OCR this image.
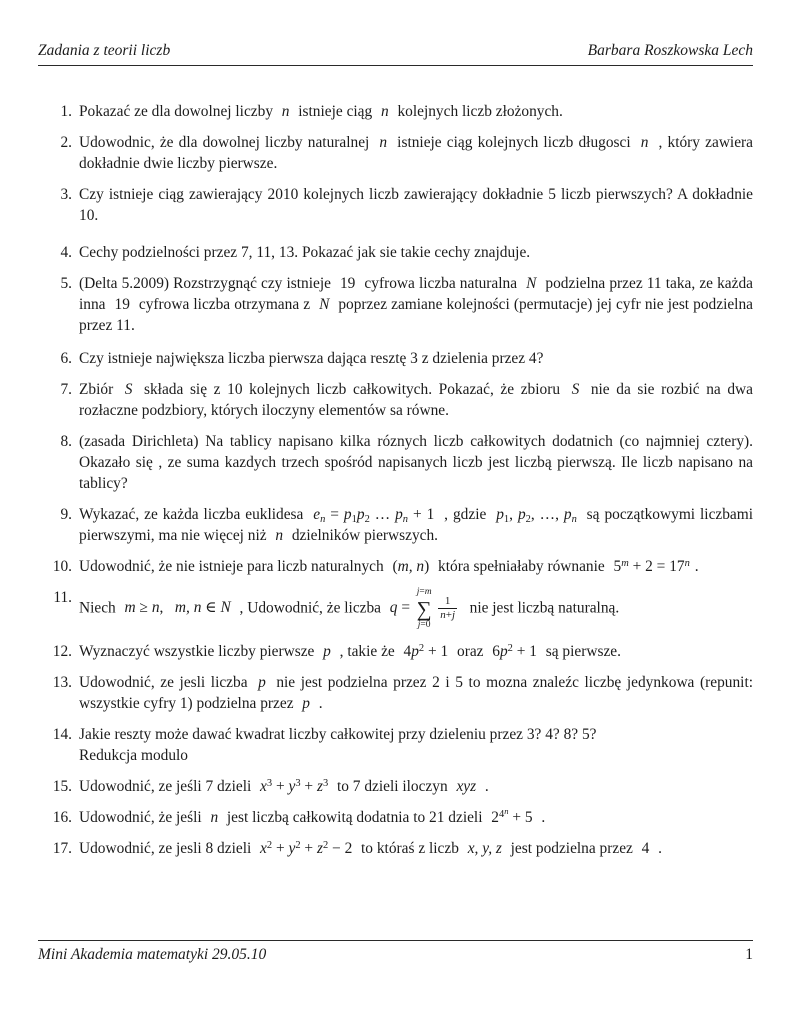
Zadania z teorii liczb	Barbara Roszkowska Lech
1. Pokazać ze dla dowolnej liczby n istnieje ciąg n kolejnych liczb złożonych.
2. Udowodnic, że dla dowolnej liczby naturalnej n istnieje ciąg kolejnych liczb długosci n , który zawiera dokładnie dwie liczby pierwsze.
3. Czy istnieje ciąg zawierający 2010 kolejnych liczb zawierający dokładnie 5 liczb pierwszych? A dokładnie 10.
4. Cechy podzielności przez 7, 11, 13. Pokazać jak sie takie cechy znajduje.
5. (Delta 5.2009) Rozstrzygnąć czy istnieje 19 cyfrowa liczba naturalna N podzielna przez 11 taka, ze każda inna 19 cyfrowa liczba otrzymana z N poprzez zamiane kolejności (permutacje) jej cyfr nie jest podzielna przez 11.
6. Czy istnieje największa liczba pierwsza dająca resztę 3 z dzielenia przez 4?
7. Zbiór S składa się z 10 kolejnych liczb całkowitych. Pokazać, że zbioru S nie da sie rozbić na dwa rozłaczne podzbiory, których iloczyny elementów sa równe.
8. (zasada Dirichleta) Na tablicy napisano kilka róznych liczb całkowitych dodatnich (co najmniej cztery). Okazało się , ze suma kazdych trzech spośród napisanych liczb jest liczbą pierwszą. Ile liczb napisano na tablicy?
9. Wykazać, ze każda liczba euklidesa $e_n = p_1p_2$ … $p_n + 1$ , gdzie $p_1$, $p_2$, …, $p_n$ są początkowymi liczbami pierwszymi, ma nie więcej niż n dzielników pierwszych.
10. Udowodnić, że nie istnieje para liczb naturalnych (m, n) która spełniałaby równanie $5^m + 2 = 17^n$ .
11.
Niech m ≥ n,   m, n ∈ N , Udowodnić, że liczba q =
j=m
∑
j=0
$\frac{1}{n+j}$ nie jest liczbą naturalną.
12. Wyznaczyć wszystkie liczby pierwsze p , takie że $4p^2 + 1$ oraz $6p^2 + 1$ są pierwsze.
13. Udowodnić, ze jesli liczba p nie jest podzielna przez 2 i 5 to mozna znaleźc liczbę jedynkowa (repunit: wszystkie cyfry 1) podzielna przez p .
14. Jakie reszty może dawać kwadrat liczby całkowitej przy dzieleniu przez 3? 4? 8? 5?
Redukcja modulo
15. Udowodnić, ze jeśli 7 dzieli $x^3 + y^3 + z^3$ to 7 dzieli iloczyn xyz .
16. Udowodnić, że jeśli n jest liczbą całkowitą dodatnia to 21 dzieli $2^{4^n} + 5$ .
17. Udowodnić, ze jesli 8 dzieli $x^2 + y^2 + z^2 - 2$ to któraś z liczb x, y, z jest podzielna przez 4 .
Mini Akademia matematyki 29.05.10	1
